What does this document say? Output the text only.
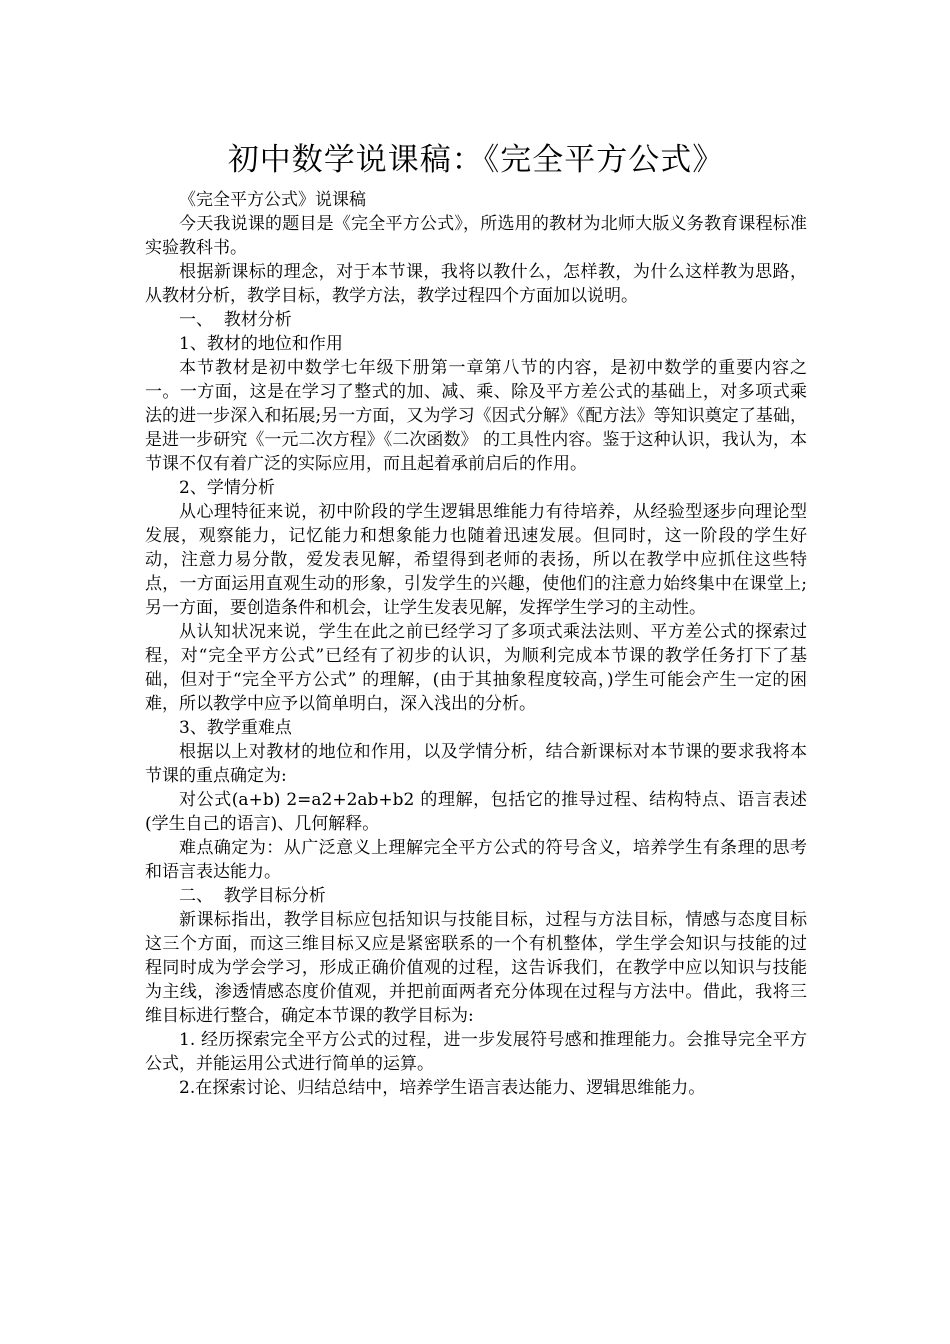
初中数学说课稿：《完全平方公式》

《完全平方公式》说课稿

今天我说课的题目是《完全平方公式》，所选用的教材为北师大版义务教育课程标准实验教科书。

根据新课标的理念，对于本节课，我将以教什么，怎样教，为什么这样教为思路，从教材分析，教学目标，教学方法，教学过程四个方面加以说明。

一、  教材分析

1、教材的地位和作用

本节教材是初中数学七年级下册第一章第八节的内容，是初中数学的重要内容之一。一方面，这是在学习了整式的加、减、乘、除及平方差公式的基础上，对多项式乘法的进一步深入和拓展;另一方面，又为学习《因式分解》《配方法》等知识奠定了基础，是进一步研究《一元二次方程》《二次函数》 的工具性内容。鉴于这种认识，我认为，本节课不仅有着广泛的实际应用，而且起着承前启后的作用。

2、学情分析

从心理特征来说，初中阶段的学生逻辑思维能力有待培养，从经验型逐步向理论型发展，观察能力，记忆能力和想象能力也随着迅速发展。但同时，这一阶段的学生好动，注意力易分散，爱发表见解，希望得到老师的表扬，所以在教学中应抓住这些特点，一方面运用直观生动的形象，引发学生的兴趣，使他们的注意力始终集中在课堂上;另一方面，要创造条件和机会，让学生发表见解，发挥学生学习的主动性。

从认知状况来说，学生在此之前已经学习了多项式乘法法则、平方差公式的探索过程，对“完全平方公式”已经有了初步的认识，为顺利完成本节课的教学任务打下了基础，但对于“完全平方公式” 的理解，(由于其抽象程度较高，)学生可能会产生一定的困难，所以教学中应予以简单明白，深入浅出的分析。

3、教学重难点

根据以上对教材的地位和作用，以及学情分析，结合新课标对本节课的要求我将本节课的重点确定为:

对公式(a+b) 2=a2+2ab+b2 的理解，包括它的推导过程、结构特点、语言表述(学生自己的语言)、几何解释。

难点确定为：从广泛意义上理解完全平方公式的符号含义，培养学生有条理的思考和语言表达能力。

二、  教学目标分析

新课标指出，教学目标应包括知识与技能目标，过程与方法目标，情感与态度目标这三个方面，而这三维目标又应是紧密联系的一个有机整体，学生学会知识与技能的过程同时成为学会学习，形成正确价值观的过程，这告诉我们，在教学中应以知识与技能为主线，渗透情感态度价值观，并把前面两者充分体现在过程与方法中。借此，我将三维目标进行整合，确定本节课的教学目标为:

1. 经历探索完全平方公式的过程，进一步发展符号感和推理能力。会推导完全平方公式，并能运用公式进行简单的运算。

2.在探索讨论、归结总结中，培养学生语言表达能力、逻辑思维能力。
